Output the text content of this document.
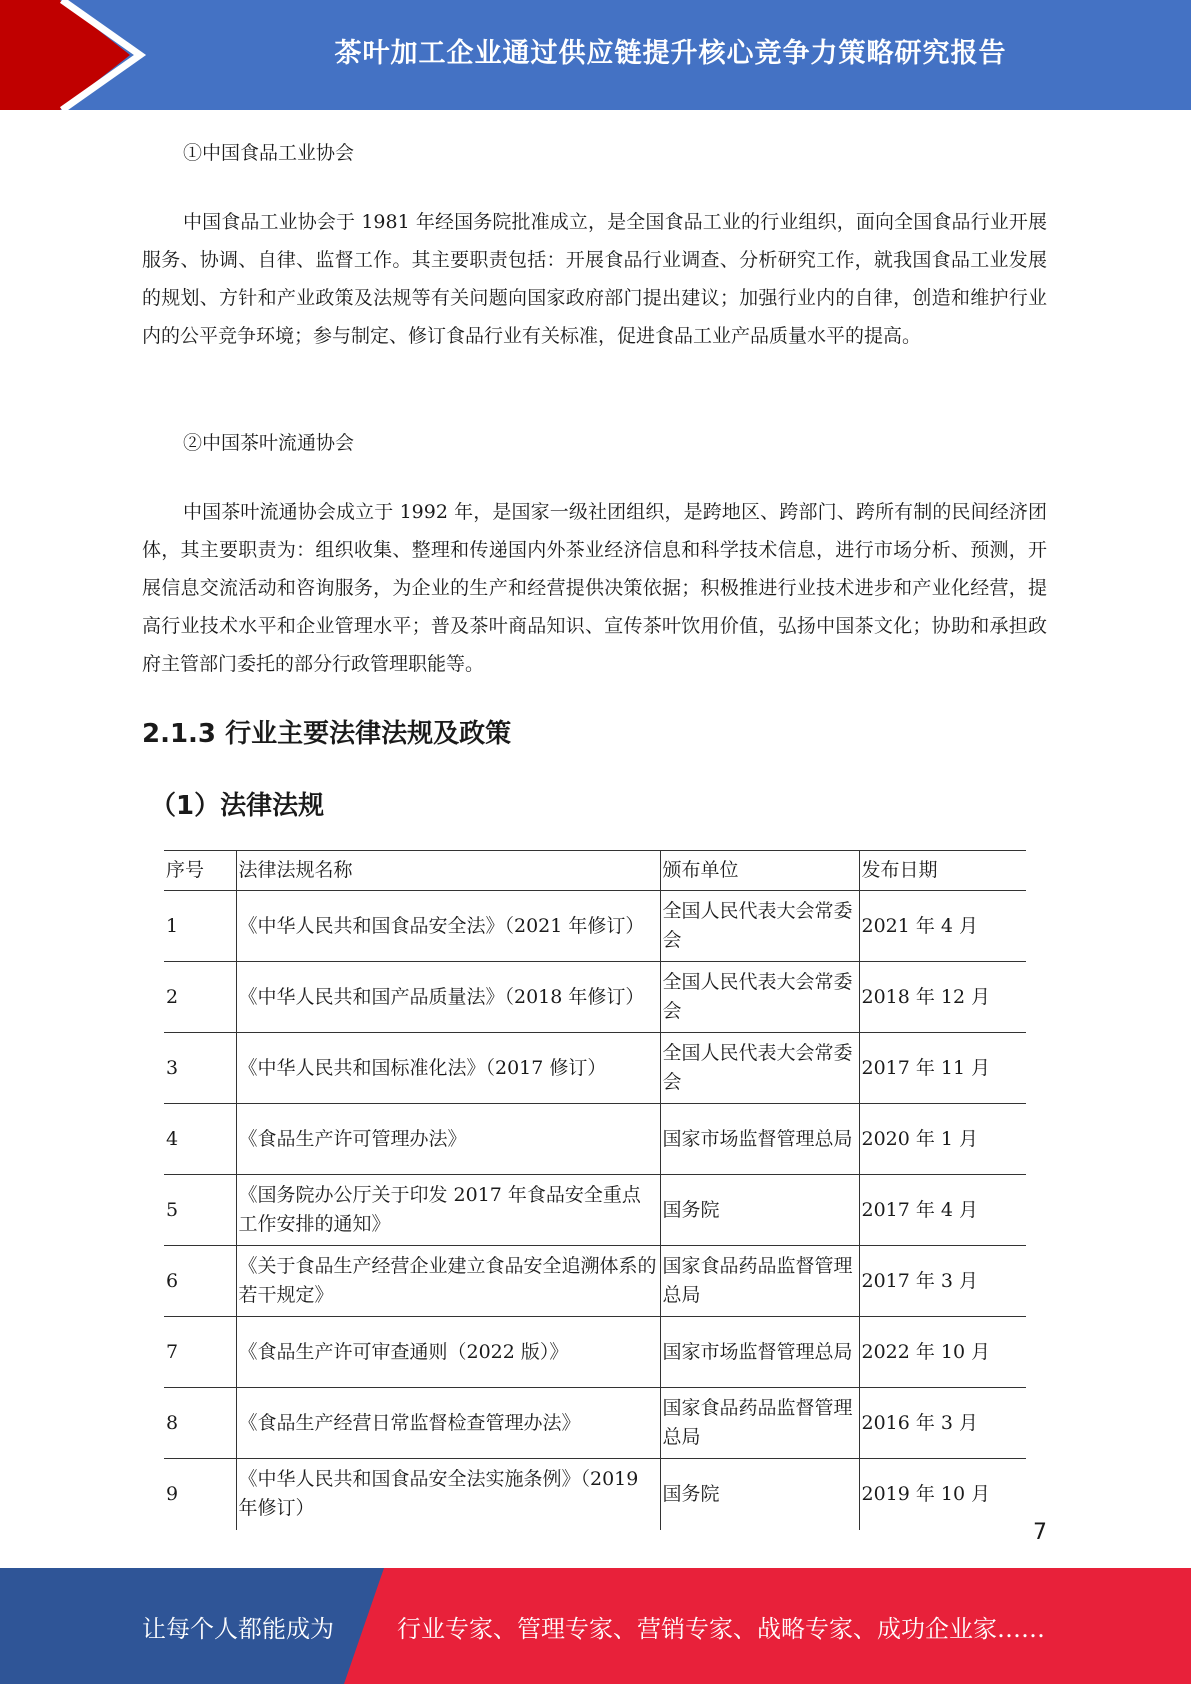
茶叶加工企业通过供应链提升核心竞争力策略研究报告
①中国食品工业协会
中国食品工业协会于 1981 年经国务院批准成立，是全国食品工业的行业组织，面向全国食品行业开展服务、协调、自律、监督工作。其主要职责包括：开展食品行业调查、分析研究工作，就我国食品工业发展的规划、方针和产业政策及法规等有关问题向国家政府部门提出建议；加强行业内的自律，创造和维护行业内的公平竞争环境；参与制定、修订食品行业有关标准，促进食品工业产品质量水平的提高。
②中国茶叶流通协会
中国茶叶流通协会成立于 1992 年，是国家一级社团组织，是跨地区、跨部门、跨所有制的民间经济团体，其主要职责为：组织收集、整理和传递国内外茶业经济信息和科学技术信息，进行市场分析、预测，开展信息交流活动和咨询服务，为企业的生产和经营提供决策依据；积极推进行业技术进步和产业化经营，提高行业技术水平和企业管理水平；普及茶叶商品知识、宣传茶叶饮用价值，弘扬中国茶文化；协助和承担政府主管部门委托的部分行政管理职能等。
2.1.3 行业主要法律法规及政策
（1）法律法规
序号	法律法规名称	颁布单位	发布日期
1	《中华人民共和国食品安全法》（2021 年修订）	全国人民代表大会常委会	2021 年 4 月
2	《中华人民共和国产品质量法》（2018 年修订）	全国人民代表大会常委会	2018 年 12 月
3	《中华人民共和国标准化法》（2017 修订）	全国人民代表大会常委会	2017 年 11 月
4	《食品生产许可管理办法》	国家市场监督管理总局	2020 年 1 月
5	《国务院办公厅关于印发 2017 年食品安全重点工作安排的通知》	国务院	2017 年 4 月
6	《关于食品生产经营企业建立食品安全追溯体系的若干规定》	国家食品药品监督管理总局	2017 年 3 月
7	《食品生产许可审查通则（2022 版）》	国家市场监督管理总局	2022 年 10 月
8	《食品生产经营日常监督检查管理办法》	国家食品药品监督管理总局	2016 年 3 月
9	《中华人民共和国食品安全法实施条例》（2019 年修订）	国务院	2019 年 10 月
7
让每个人都能成为	行业专家、管理专家、营销专家、战略专家、成功企业家……
